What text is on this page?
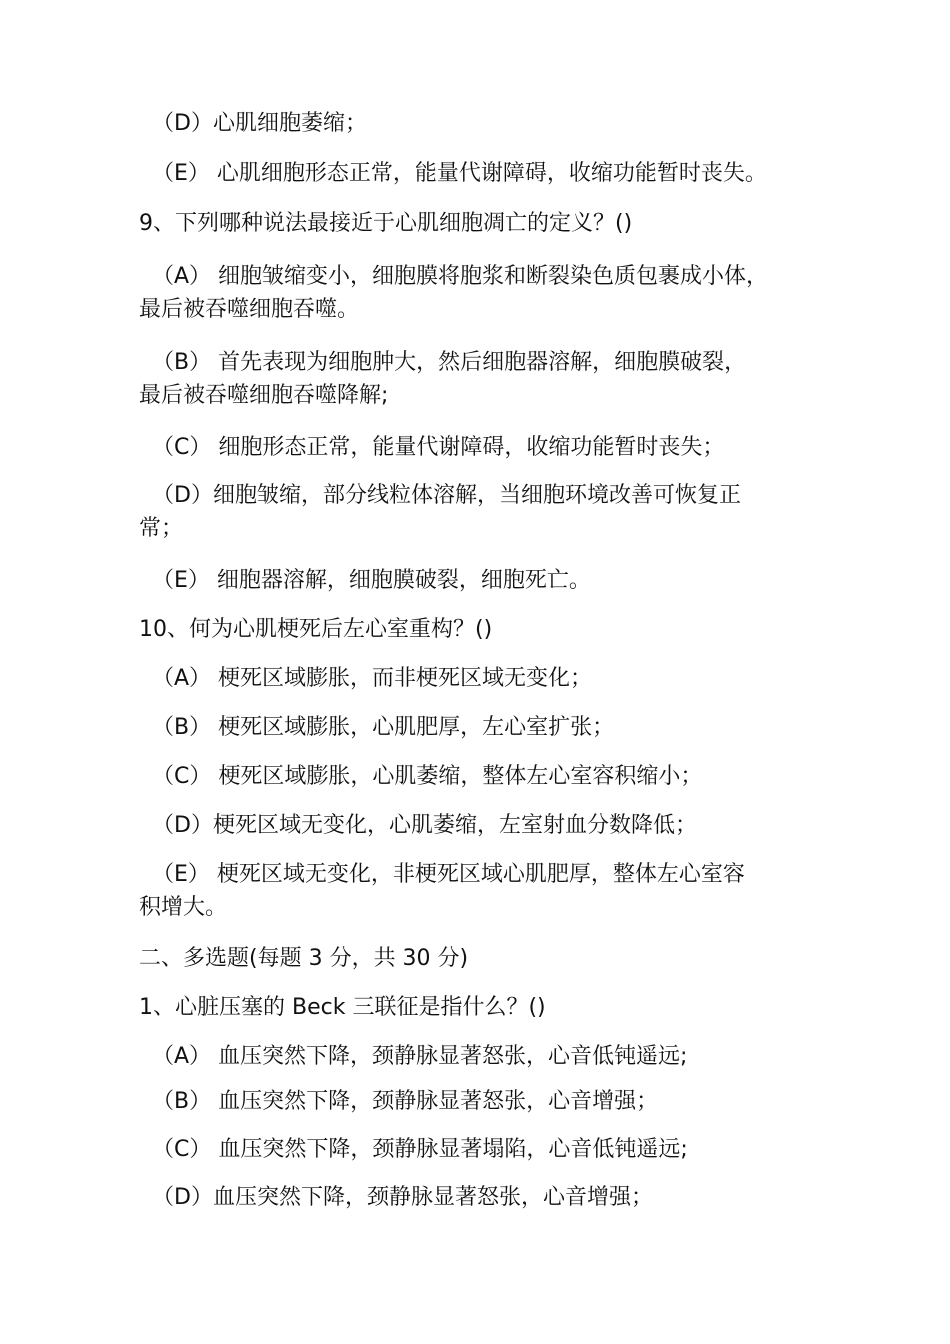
（D）心肌细胞萎缩；
（E） 心肌细胞形态正常，能量代谢障碍，收缩功能暂时丧失。
9、下列哪种说法最接近于心肌细胞凋亡的定义？()
（A） 细胞皱缩变小，细胞膜将胞浆和断裂染色质包裹成小体，
最后被吞噬细胞吞噬。
（B） 首先表现为细胞肿大，然后细胞器溶解，细胞膜破裂，
最后被吞噬细胞吞噬降解;
（C） 细胞形态正常，能量代谢障碍，收缩功能暂时丧失；
（D）细胞皱缩，部分线粒体溶解，当细胞环境改善可恢复正
常；
（E） 细胞器溶解，细胞膜破裂，细胞死亡。
10、何为心肌梗死后左心室重构？()
（A） 梗死区域膨胀，而非梗死区域无变化；
（B） 梗死区域膨胀，心肌肥厚，左心室扩张；
（C） 梗死区域膨胀，心肌萎缩，整体左心室容积缩小；
（D）梗死区域无变化，心肌萎缩，左室射血分数降低；
（E） 梗死区域无变化，非梗死区域心肌肥厚，整体左心室容
积增大。
二、多选题(每题 3 分，共 30 分)
1、心脏压塞的 Beck 三联征是指什么？()
（A） 血压突然下降，颈静脉显著怒张，心音低钝遥远;
（B） 血压突然下降，颈静脉显著怒张，心音增强；
（C） 血压突然下降，颈静脉显著塌陷，心音低钝遥远;
（D）血压突然下降，颈静脉显著怒张，心音增强；
